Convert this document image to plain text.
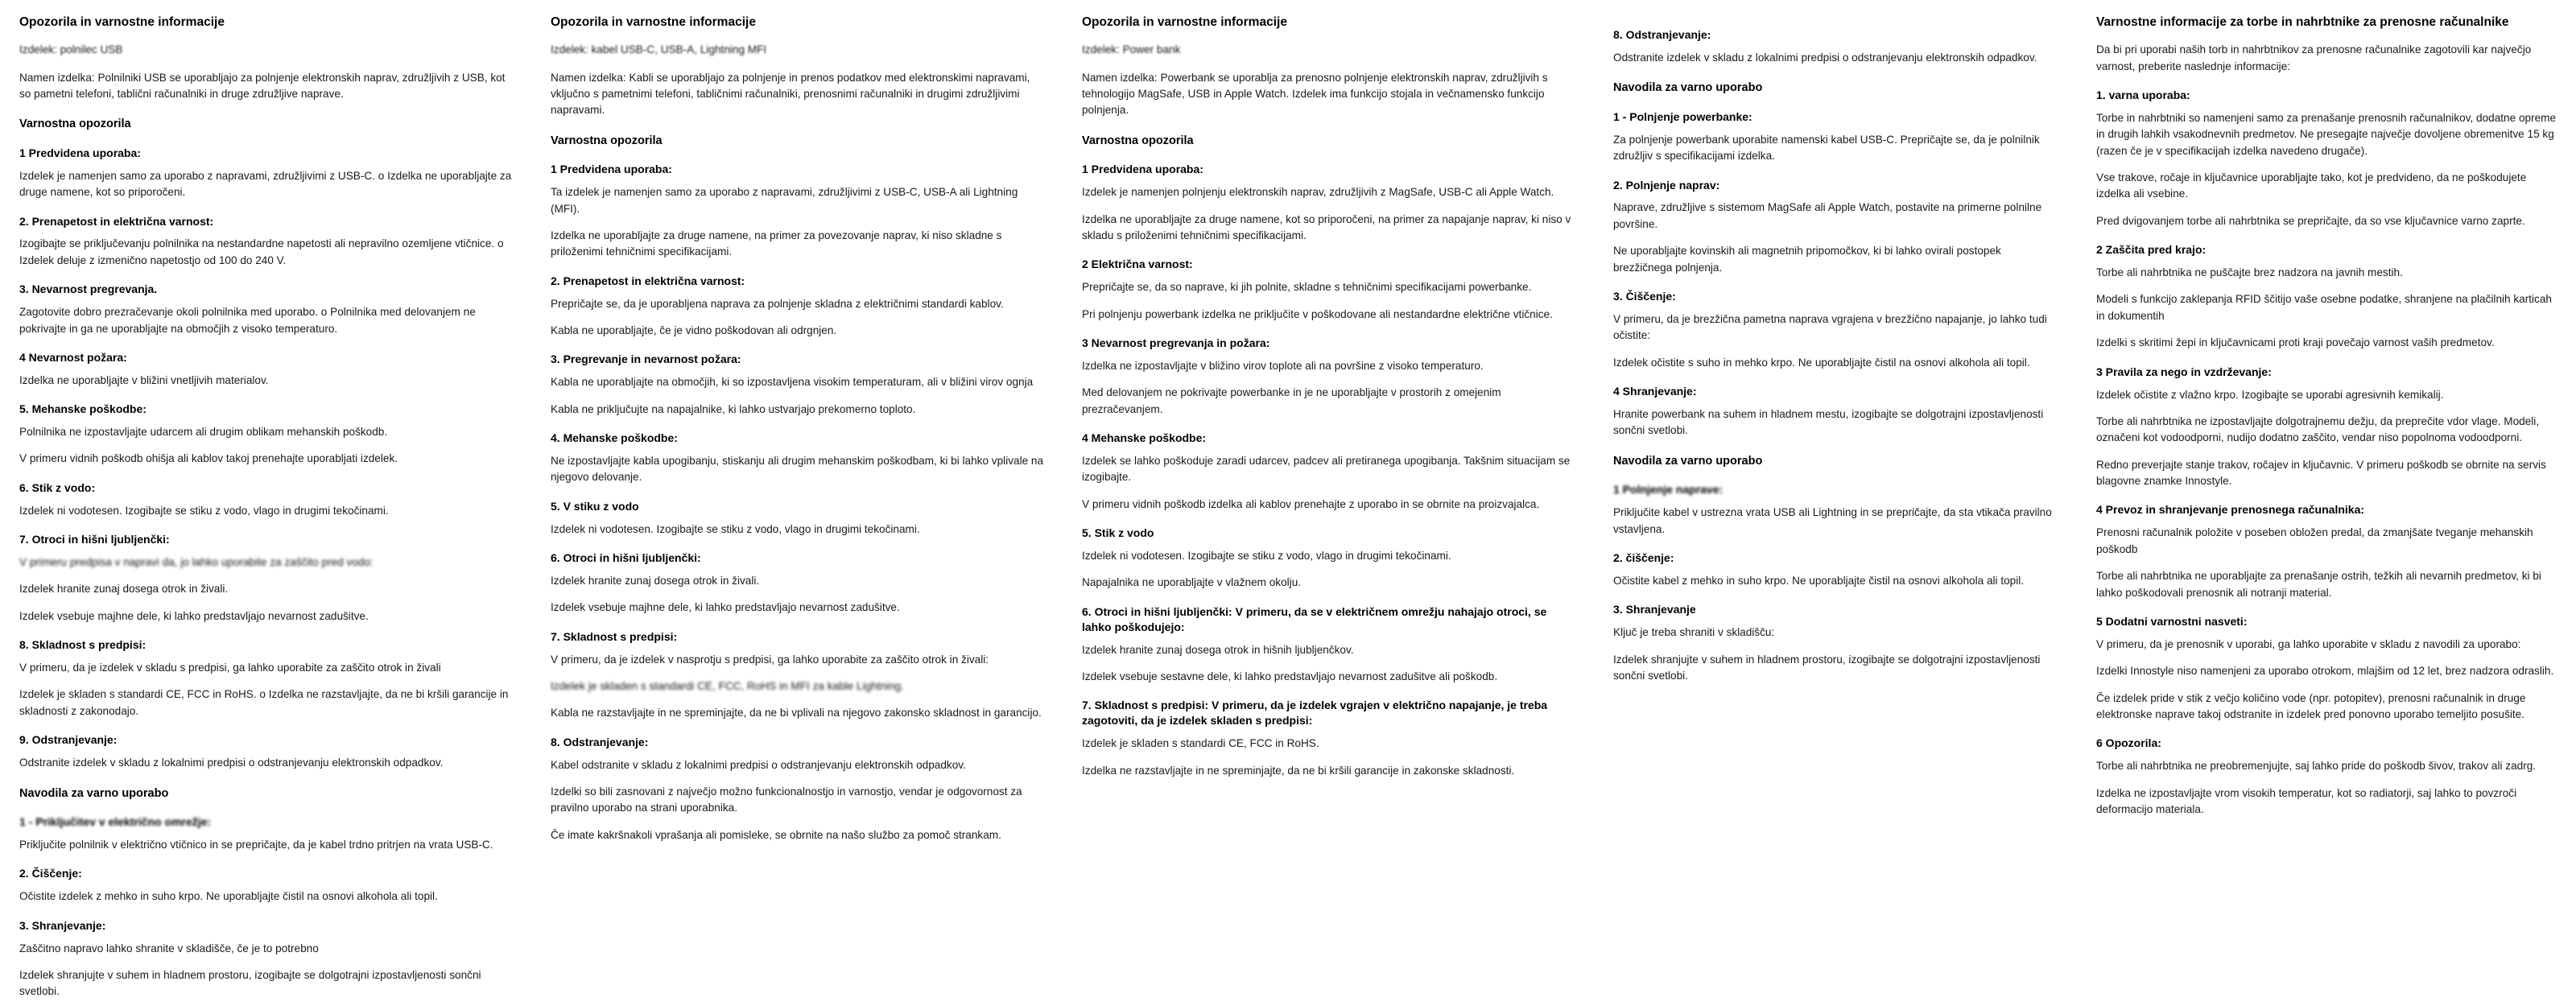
Opozorila in varnostne informacije

Izdelek: polnilec USB

Namen izdelka: Polnilniki USB se uporabljajo za polnjenje elektronskih naprav, združljivih z USB, kot so pametni telefoni, tablični računalniki in druge združljive naprave.

Varnostna opozorila
1 Predvidena uporaba:

Izdelek je namenjen samo za uporabo z napravami, združljivimi z USB-C. o Izdelka ne uporabljajte za druge namene, kot so priporočeni.

2. Prenapetost in električna varnost:

Izogibajte se priključevanju polnilnika na nestandardne napetosti ali nepravilno ozemljene vtičnice. o Izdelek deluje z izmenično napetostjo od 100 do 240 V.

3. Nevarnost pregrevanja.

Zagotovite dobro prezračevanje okoli polnilnika med uporabo. o Polnilnika med delovanjem ne pokrivajte in ga ne uporabljajte na območjih z visoko temperaturo.

4 Nevarnost požara:

Izdelka ne uporabljajte v bližini vnetljivih materialov.

5. Mehanske poškodbe:

Polnilnika ne izpostavljajte udarcem ali drugim oblikam mehanskih poškodb.

V primeru vidnih poškodb ohišja ali kablov takoj prenehajte uporabljati izdelek.

6. Stik z vodo:

Izdelek ni vodotesen. Izogibajte se stiku z vodo, vlago in drugimi tekočinami.

7. Otroci in hišni ljubljenčki:

V primeru predpisa v napravi da, jo lahko uporabite za zaščito pred vodo:

Izdelek hranite zunaj dosega otrok in živali.

Izdelek vsebuje majhne dele, ki lahko predstavljajo nevarnost zadušitve.

8. Skladnost s predpisi:

V primeru, da je izdelek v skladu s predpisi, ga lahko uporabite za zaščito otrok in živali

Izdelek je skladen s standardi CE, FCC in RoHS. o Izdelka ne razstavljajte, da ne bi kršili garancije in skladnosti z zakonodajo.

9. Odstranjevanje:

Odstranite izdelek v skladu z lokalnimi predpisi o odstranjevanju elektronskih odpadkov.

Navodila za varno uporabo
1 - Priključitev v električno omrežje:

Priključite polnilnik v električno vtičnico in se prepričajte, da je kabel trdno pritrjen na vrata USB-C.

2. Čiščenje:

Očistite izdelek z mehko in suho krpo. Ne uporabljajte čistil na osnovi alkohola ali topil.

3. Shranjevanje:

Zaščitno napravo lahko shranite v skladišče, če je to potrebno

Izdelek shranjujte v suhem in hladnem prostoru, izogibajte se dolgotrajni izpostavljenosti sončni svetlobi.

Opozorila in varnostne informacije

Izdelek: kabel USB-C, USB-A, Lightning MFI

Namen izdelka: Kabli se uporabljajo za polnjenje in prenos podatkov med elektronskimi napravami, vključno s pametnimi telefoni, tabličnimi računalniki, prenosnimi računalniki in drugimi združljivimi napravami.

Varnostna opozorila
1 Predvidena uporaba:

Ta izdelek je namenjen samo za uporabo z napravami, združljivimi z USB-C, USB-A ali Lightning (MFI).

Izdelka ne uporabljajte za druge namene, na primer za povezovanje naprav, ki niso skladne s priloženimi tehničnimi specifikacijami.

2. Prenapetost in električna varnost:

Prepričajte se, da je uporabljena naprava za polnjenje skladna z električnimi standardi kablov.

Kabla ne uporabljajte, če je vidno poškodovan ali odrgnjen.

3. Pregrevanje in nevarnost požara:

Kabla ne uporabljajte na območjih, ki so izpostavljena visokim temperaturam, ali v bližini virov ognja

Kabla ne priključujte na napajalnike, ki lahko ustvarjajo prekomerno toploto.

4. Mehanske poškodbe:

Ne izpostavljajte kabla upogibanju, stiskanju ali drugim mehanskim poškodbam, ki bi lahko vplivale na njegovo delovanje.

5. V stiku z vodo

Izdelek ni vodotesen. Izogibajte se stiku z vodo, vlago in drugimi tekočinami.

6. Otroci in hišni ljubljenčki:

Izdelek hranite zunaj dosega otrok in živali.

Izdelek vsebuje majhne dele, ki lahko predstavljajo nevarnost zadušitve.

7. Skladnost s predpisi:

V primeru, da je izdelek v nasprotju s predpisi, ga lahko uporabite za zaščito otrok in živali:

Izdelek je skladen s standardi CE, FCC, RoHS in MFI za kable Lightning.

Kabla ne razstavljajte in ne spreminjajte, da ne bi vplivali na njegovo zakonsko skladnost in garancijo.

8. Odstranjevanje:

Kabel odstranite v skladu z lokalnimi predpisi o odstranjevanju elektronskih odpadkov.

Izdelki so bili zasnovani z največjo možno funkcionalnostjo in varnostjo, vendar je odgovornost za pravilno uporabo na strani uporabnika.

Če imate kakršnakoli vprašanja ali pomislekе, se obrnite na našo službo za pomoč strankam.

Opozorila in varnostne informacije

Izdelek: Power bank

Namen izdelka: Powerbank se uporablja za prenosno polnjenje elektronskih naprav, združljivih s tehnologijo MagSafe, USB in Apple Watch. Izdelek ima funkcijo stojala in večnamensko funkcijo polnjenja.

Varnostna opozorila
1 Predvidena uporaba:

Izdelek je namenjen polnjenju elektronskih naprav, združljivih z MagSafe, USB-C ali Apple Watch.

Izdelka ne uporabljajte za druge namene, kot so priporočeni, na primer za napajanje naprav, ki niso v skladu s priloženimi tehničnimi specifikacijami.

2 Električna varnost:

Prepričajte se, da so naprave, ki jih polnite, skladne s tehničnimi specifikacijami powerbanke.

Pri polnjenju powerbank izdelka ne priključite v poškodovane ali nestandardne električne vtičnice.

3 Nevarnost pregrevanja in požara:

Izdelka ne izpostavljajte v bližino virov toplote ali na površine z visoko temperaturo.

Med delovanjem ne pokrivajte powerbanke in je ne uporabljajte v prostorih z omejenim prezračevanjem.

4 Mehanske poškodbe:

Izdelek se lahko poškoduje zaradi udarcev, padcev ali pretiranega upogibanja. Takšnim situacijam se izogibajte.

V primeru vidnih poškodb izdelka ali kablov prenehajte z uporabo in se obrnite na proizvajalca.

5. Stik z vodo

Izdelek ni vodotesen. Izogibajte se stiku z vodo, vlago in drugimi tekočinami.

Napajalnika ne uporabljajte v vlažnem okolju.

6. Otroci in hišni ljubljenčki: V primeru, da se v električnem omrežju nahajajo otroci, se lahko poškodujejo:

Izdelek hranite zunaj dosega otrok in hišnih ljubljenčkov.

Izdelek vsebuje sestavne dele, ki lahko predstavljajo nevarnost zadušitve ali poškodb.

7. Skladnost s predpisi: V primeru, da je izdelek vgrajen v električno napajanje, je treba zagotoviti, da je izdelek skladen s predpisi:

Izdelek je skladen s standardi CE, FCC in RoHS.

Izdelka ne razstavljajte in ne spreminjajte, da ne bi kršili garancije in zakonske skladnosti.

8. Odstranjevanje:

Odstranite izdelek v skladu z lokalnimi predpisi o odstranjevanju elektronskih odpadkov.

Navodila za varno uporabo
1 - Polnjenje powerbanke:

Za polnjenje powerbank uporabite namenski kabel USB-C. Prepričajte se, da je polnilnik združljiv s specifikacijami izdelka.

2. Polnjenje naprav:

Naprave, združljive s sistemom MagSafe ali Apple Watch, postavite na primerne polnilne površine.

Ne uporabljajte kovinskih ali magnetnih pripomočkov, ki bi lahko ovirali postopek brezžičnega polnjenja.

3. Čiščenje:

V primeru, da je brezžična pametna naprava vgrajena v brezžično napajanje, jo lahko tudi očistite:

Izdelek očistite s suho in mehko krpo. Ne uporabljajte čistil na osnovi alkohola ali topil.

4 Shranjevanje:

Hranite powerbank na suhem in hladnem mestu, izogibajte se dolgotrajni izpostavljenosti sončni svetlobi.

Navodila za varno uporabo
1 Polnjenje naprave:

Priključite kabel v ustrezna vrata USB ali Lightning in se prepričajte, da sta vtikača pravilno vstavljena.

2. čiščenje:

Očistite kabel z mehko in suho krpo. Ne uporabljajte čistil na osnovi alkohola ali topil.

3. Shranjevanje

Ključ je treba shraniti v skladišču:

Izdelek shranjujte v suhem in hladnem prostoru, izogibajte se dolgotrajni izpostavljenosti sončni svetlobi.

Varnostne informacije za torbe in nahrbtnike za prenosne računalnike

Da bi pri uporabi naših torb in nahrbtnikov za prenosne računalnike zagotovili kar največjo varnost, preberite naslednje informacije:

1. varna uporaba:

Torbe in nahrbtniki so namenjeni samo za prenašanje prenosnih računalnikov, dodatne opreme in drugih lahkih vsakodnevnih predmetov. Ne presegajte največje dovoljene obremenitve 15 kg (razen če je v specifikacijah izdelka navedeno drugače).

Vse trakove, ročaje in ključavnice uporabljajte tako, kot je predvideno, da ne poškodujete izdelka ali vsebine.

Pred dvigovanjem torbe ali nahrbtnika se prepričajte, da so vse ključavnice varno zaprte.

2 Zaščita pred krajo:

Torbe ali nahrbtnika ne puščajte brez nadzora na javnih mestih.

Modeli s funkcijo zaklepanja RFID ščitijo vaše osebne podatke, shranjene na plačilnih karticah in dokumentih

Izdelki s skritimi žepi in ključavnicami proti kraji povečajo varnost vaših predmetov.

3 Pravila za nego in vzdrževanje:

Izdelek očistite z vlažno krpo. Izogibajte se uporabi agresivnih kemikalij.

Torbe ali nahrbtnika ne izpostavljajte dolgotrajnemu dežju, da preprečite vdor vlage. Modeli, označeni kot vodoodporni, nudijo dodatno zaščito, vendar niso popolnoma vodoodporni.

Redno preverjajte stanje trakov, ročajev in ključavnic. V primeru poškodb se obrnite na servis blagovne znamke Innostyle.

4 Prevoz in shranjevanje prenosnega računalnika:

Prenosni računalnik položite v poseben obložen predal, da zmanjšate tveganje mehanskih poškodb

Torbe ali nahrbtnika ne uporabljajte za prenašanje ostrih, težkih ali nevarnih predmetov, ki bi lahko poškodovali prenosnik ali notranji material.

5 Dodatni varnostni nasveti:

V primeru, da je prenosnik v uporabi, ga lahko uporabite v skladu z navodili za uporabo:

Izdelki Innostyle niso namenjeni za uporabo otrokom, mlajšim od 12 let, brez nadzora odraslih.

Če izdelek pride v stik z večjo količino vode (npr. potopitev), prenosni računalnik in druge elektronske naprave takoj odstranite in izdelek pred ponovno uporabo temeljito posušite.

6 Opozorila:

Torbe ali nahrbtnika ne preobremenjujte, saj lahko pride do poškodb šivov, trakov ali zadrg.

Izdelka ne izpostavljajte vrom visokih temperatur, kot so radiatorji, saj lahko to povzroči deformacijo materiala.
